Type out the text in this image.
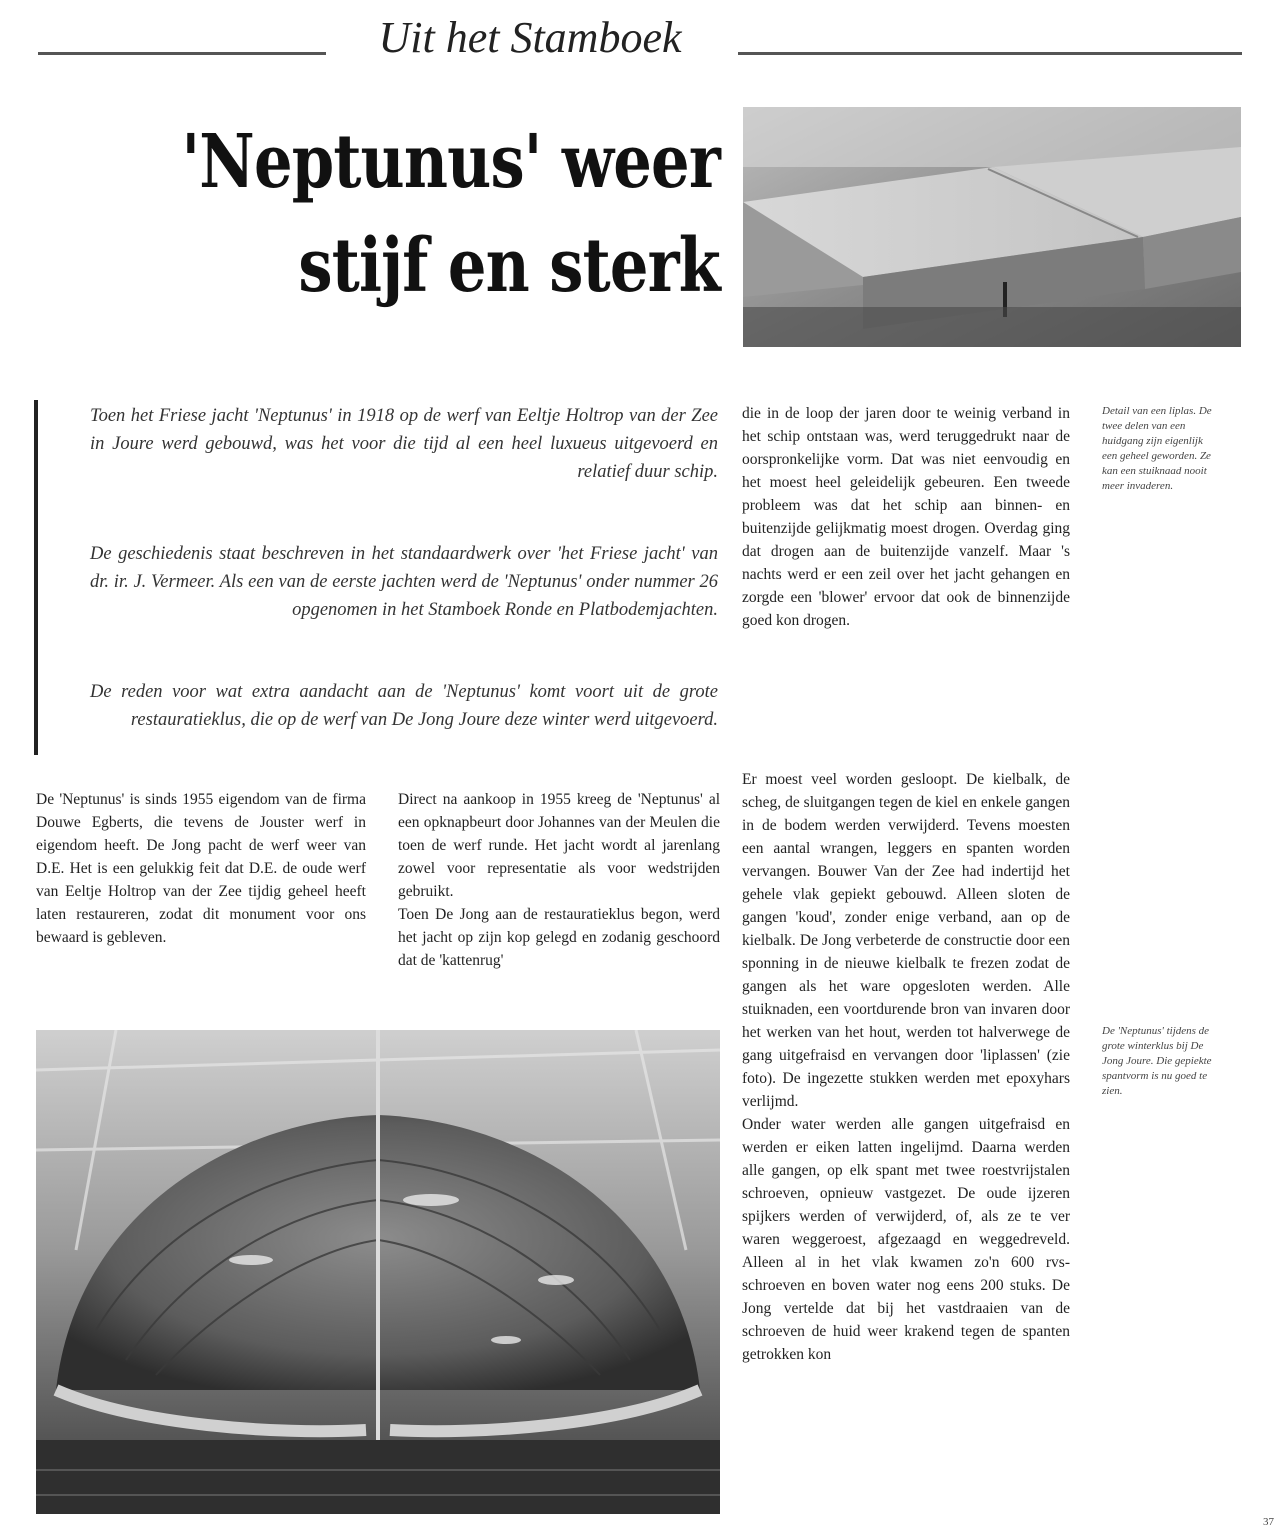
Uit het Stamboek
'Neptunus' weer
stijf en sterk

Toen het Friese jacht 'Neptunus' in 1918 op de werf van Eeltje Holtrop van der Zee in Joure werd gebouwd, was het voor die tijd al een heel luxueus uitgevoerd en relatief duur schip.

De geschiedenis staat beschreven in het standaardwerk over 'het Friese jacht' van dr. ir. J. Vermeer. Als een van de eerste jachten werd de 'Neptunus' onder nummer 26 opgenomen in het Stamboek Ronde en Platbodemjachten.

De reden voor wat extra aandacht aan de 'Neptunus' komt voort uit de grote restauratieklus, die op de werf van De Jong Joure deze winter werd uitgevoerd.

De 'Neptunus' is sinds 1955 eigendom van de firma Douwe Egberts, die tevens de Jouster werf in eigendom heeft. De Jong pacht de werf weer van D.E. Het is een gelukkig feit dat D.E. de oude werf van Eeltje Holtrop van der Zee tijdig geheel heeft laten restaureren, zodat dit monument voor ons bewaard is gebleven.

Direct na aankoop in 1955 kreeg de 'Neptunus' al een opknapbeurt door Johannes van der Meulen die toen de werf runde. Het jacht wordt al jarenlang zowel voor representatie als voor wedstrijden gebruikt.
Toen De Jong aan de restauratieklus begon, werd het jacht op zijn kop gelegd en zodanig geschoord dat de 'kattenrug'

die in de loop der jaren door te weinig verband in het schip ontstaan was, werd teruggedrukt naar de oorspronkelijke vorm. Dat was niet eenvoudig en het moest heel geleidelijk gebeuren. Een tweede probleem was dat het schip aan binnen- en buitenzijde gelijkmatig moest drogen. Overdag ging dat drogen aan de buitenzijde vanzelf. Maar 's nachts werd er een zeil over het jacht gehangen en zorgde een 'blower' ervoor dat ook de binnenzijde goed kon drogen.

Er moest veel worden gesloopt. De kielbalk, de scheg, de sluitgangen tegen de kiel en enkele gangen in de bodem werden verwijderd. Tevens moesten een aantal wrangen, leggers en spanten worden vervangen. Bouwer Van der Zee had indertijd het gehele vlak gepiekt gebouwd. Alleen sloten de gangen 'koud', zonder enige verband, aan op de kielbalk. De Jong verbeterde de constructie door een sponning in de nieuwe kielbalk te frezen zodat de gangen als het ware opgesloten werden. Alle stuiknaden, een voortdurende bron van invaren door het werken van het hout, werden tot halverwege de gang uitgefraisd en vervangen door 'liplassen' (zie foto). De ingezette stukken werden met epoxyhars verlijmd.
Onder water werden alle gangen uitgefraisd en werden er eiken latten ingelijmd. Daarna werden alle gangen, op elk spant met twee roestvrijstalen schroeven, opnieuw vastgezet. De oude ijzeren spijkers werden of verwijderd, of, als ze te ver waren weggeroest, afgezaagd en weggedreveld. Alleen al in het vlak kwamen zo'n 600 rvs-schroeven en boven water nog eens 200 stuks. De Jong vertelde dat bij het vastdraaien van de schroeven de huid weer krakend tegen de spanten getrokken kon

Detail van een liplas. De twee delen van een huidgang zijn eigenlijk een geheel geworden. Ze kan een stuiknaad nooit meer invaderen.

De 'Neptunus' tijdens de grote winterklus bij De Jong Joure. Die gepiekte spantvorm is nu goed te zien.

37
